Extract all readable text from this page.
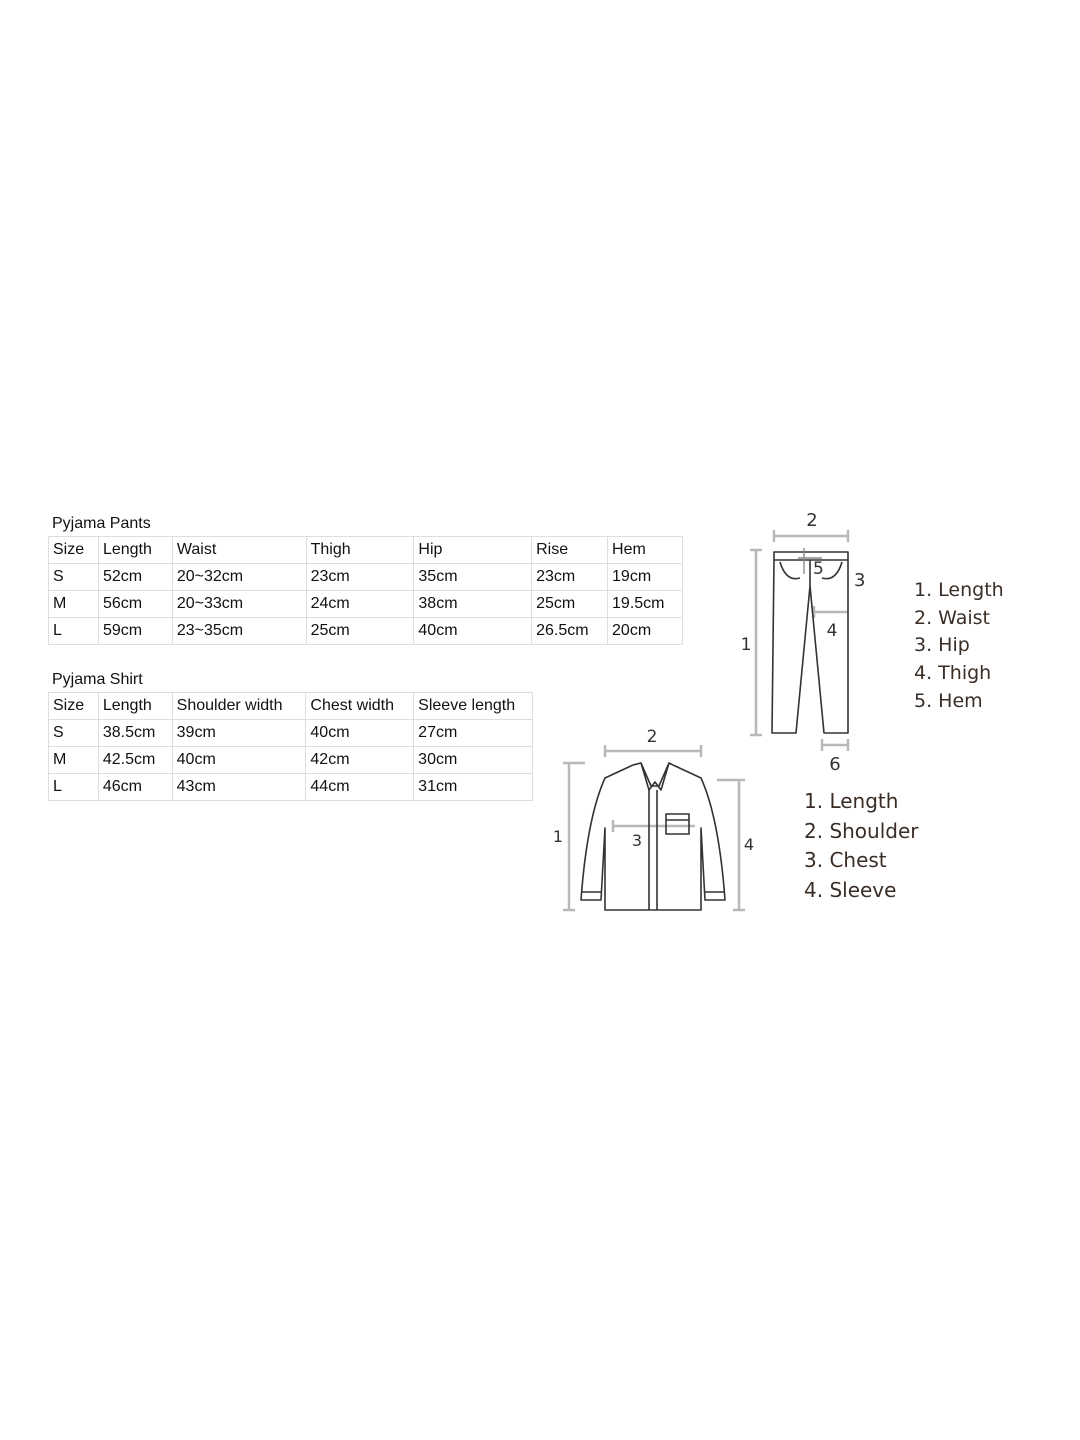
Pyjama Pants
Size	Length	Waist	Thigh	Hip	Rise	Hem
S	52cm	20~32cm	23cm	35cm	23cm	19cm
M	56cm	20~33cm	24cm	38cm	25cm	19.5cm
L	59cm	23~35cm	25cm	40cm	26.5cm	20cm
Pyjama Shirt
Size	Length	Shoulder width	Chest width	Sleeve length
S	38.5cm	39cm	40cm	27cm
M	42.5cm	40cm	42cm	30cm
L	46cm	43cm	44cm	31cm
2
5
3
4
1
6
1. Length
2. Waist
3. Hip
4. Thigh
5. Hem
2
1	3	4
1. Length
2. Shoulder
3. Chest
4. Sleeve
